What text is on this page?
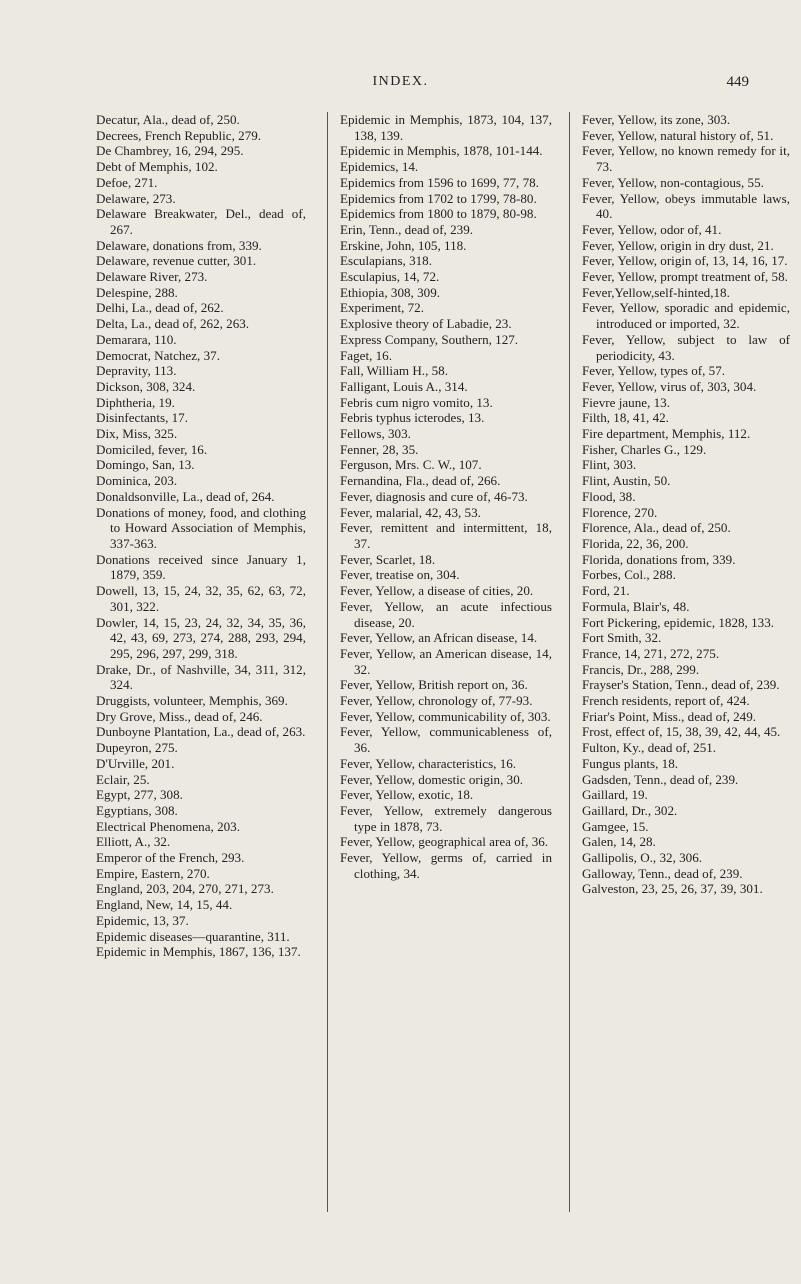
INDEX.	449
Decatur, Ala., dead of, 250.
Decrees, French Republic, 279.
De Chambrey, 16, 294, 295.
Debt of Memphis, 102.
Defoe, 271.
Delaware, 273.
Delaware Breakwater, Del., dead of, 267.
Delaware, donations from, 339.
Delaware, revenue cutter, 301.
Delaware River, 273.
Delespine, 288.
Delhi, La., dead of, 262.
Delta, La., dead of, 262, 263.
Demarara, 110.
Democrat, Natchez, 37.
Depravity, 113.
Dickson, 308, 324.
Diphtheria, 19.
Disinfectants, 17.
Dix, Miss, 325.
Domiciled, fever, 16.
Domingo, San, 13.
Dominica, 203.
Donaldsonville, La., dead of, 264.
Donations of money, food, and clothing to Howard Association of Memphis, 337-363.
Donations received since January 1, 1879, 359.
Dowell, 13, 15, 24, 32, 35, 62, 63, 72, 301, 322.
Dowler, 14, 15, 23, 24, 32, 34, 35, 36, 42, 43, 69, 273, 274, 288, 293, 294, 295, 296, 297, 299, 318.
Drake, Dr., of Nashville, 34, 311, 312, 324.
Druggists, volunteer, Memphis, 369.
Dry Grove, Miss., dead of, 246.
Dunboyne Plantation, La., dead of, 263.
Dupeyron, 275.
D'Urville, 201.
Eclair, 25.
Egypt, 277, 308.
Egyptians, 308.
Electrical Phenomena, 203.
Elliott, A., 32.
Emperor of the French, 293.
Empire, Eastern, 270.
England, 203, 204, 270, 271, 273.
England, New, 14, 15, 44.
Epidemic, 13, 37.
Epidemic diseases—quarantine, 311.
Epidemic in Memphis, 1867, 136, 137.
Epidemic in Memphis, 1873, 104, 137, 138, 139.
Epidemic in Memphis, 1878, 101-144.
Epidemics, 14.
Epidemics from 1596 to 1699, 77, 78.
Epidemics from 1702 to 1799, 78-80.
Epidemics from 1800 to 1879, 80-98.
Erin, Tenn., dead of, 239.
Erskine, John, 105, 118.
Esculapians, 318.
Esculapius, 14, 72.
Ethiopia, 308, 309.
Experiment, 72.
Explosive theory of Labadie, 23.
Express Company, Southern, 127.
Faget, 16.
Fall, William H., 58.
Falligant, Louis A., 314.
Febris cum nigro vomito, 13.
Febris typhus icterodes, 13.
Fellows, 303.
Fenner, 28, 35.
Ferguson, Mrs. C. W., 107.
Fernandina, Fla., dead of, 266.
Fever, diagnosis and cure of, 46-73.
Fever, malarial, 42, 43, 53.
Fever, remittent and intermittent, 18, 37.
Fever, Scarlet, 18.
Fever, treatise on, 304.
Fever, Yellow, a disease of cities, 20.
Fever, Yellow, an acute infectious disease, 20.
Fever, Yellow, an African disease, 14.
Fever, Yellow, an American disease, 14, 32.
Fever, Yellow, British report on, 36.
Fever, Yellow, chronology of, 77-93.
Fever, Yellow, communicability of, 303.
Fever, Yellow, communicableness of, 36.
Fever, Yellow, characteristics, 16.
Fever, Yellow, domestic origin, 30.
Fever, Yellow, exotic, 18.
Fever, Yellow, extremely dangerous type in 1878, 73.
Fever, Yellow, geographical area of, 36.
Fever, Yellow, germs of, carried in clothing, 34.
Fever, Yellow, its zone, 303.
Fever, Yellow, natural history of, 51.
Fever, Yellow, no known remedy for it, 73.
Fever, Yellow, non-contagious, 55.
Fever, Yellow, obeys immutable laws, 40.
Fever, Yellow, odor of, 41.
Fever, Yellow, origin in dry dust, 21.
Fever, Yellow, origin of, 13, 14, 16, 17.
Fever, Yellow, prompt treatment of, 58.
Fever,Yellow,self-hinted,18.
Fever, Yellow, sporadic and epidemic, introduced or imported, 32.
Fever, Yellow, subject to law of periodicity, 43.
Fever, Yellow, types of, 57.
Fever, Yellow, virus of, 303, 304.
Fievre jaune, 13.
Filth, 18, 41, 42.
Fire department, Memphis, 112.
Fisher, Charles G., 129.
Flint, 303.
Flint, Austin, 50.
Flood, 38.
Florence, 270.
Florence, Ala., dead of, 250.
Florida, 22, 36, 200.
Florida, donations from, 339.
Forbes, Col., 288.
Ford, 21.
Formula, Blair's, 48.
Fort Pickering, epidemic, 1828, 133.
Fort Smith, 32.
France, 14, 271, 272, 275.
Francis, Dr., 288, 299.
Frayser's Station, Tenn., dead of, 239.
French residents, report of, 424.
Friar's Point, Miss., dead of, 249.
Frost, effect of, 15, 38, 39, 42, 44, 45.
Fulton, Ky., dead of, 251.
Fungus plants, 18.
Gadsden, Tenn., dead of, 239.
Gaillard, 19.
Gaillard, Dr., 302.
Gamgee, 15.
Galen, 14, 28.
Gallipolis, O., 32, 306.
Galloway, Tenn., dead of, 239.
Galveston, 23, 25, 26, 37, 39, 301.
